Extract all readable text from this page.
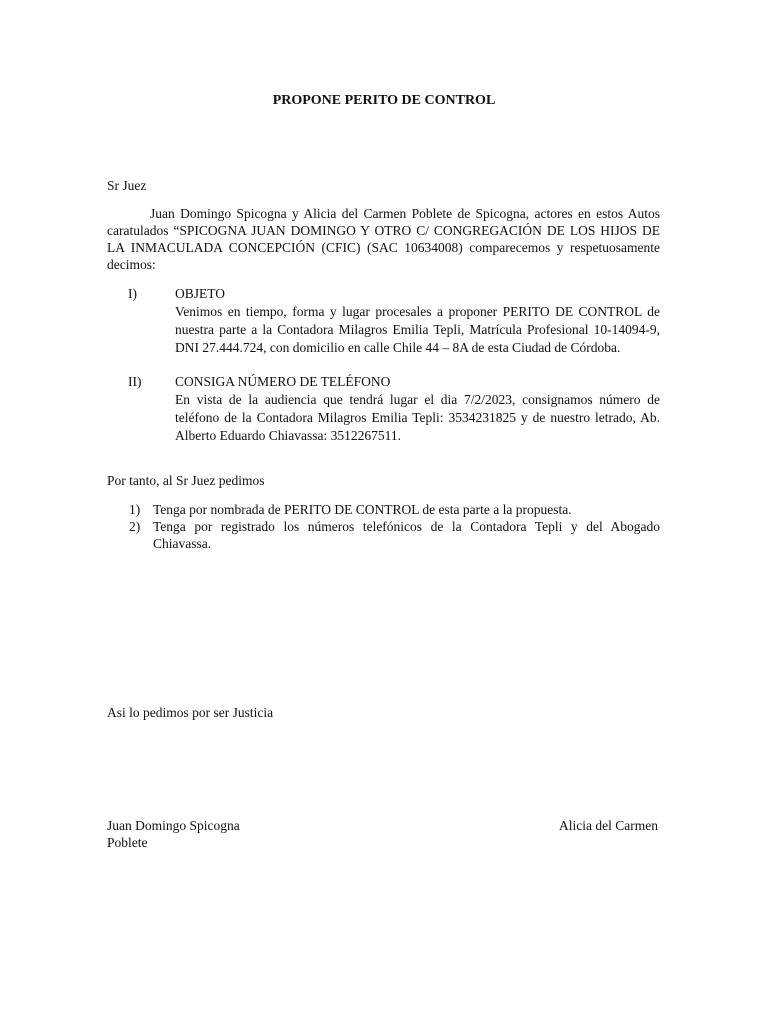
PROPONE PERITO DE CONTROL
Sr Juez
Juan Domingo Spicogna y Alicia del Carmen Poblete de Spicogna, actores en estos Autos
caratulados “SPICOGNA JUAN DOMINGO Y OTRO C/ CONGREGACIÓN DE LOS HIJOS DE
LA INMACULADA CONCEPCIÓN (CFIC) (SAC 10634008) comparecemos y respetuosamente
decimos:
I)	OBJETO
Venimos en tiempo, forma y lugar procesales a proponer PERITO DE CONTROL de
nuestra parte a la Contadora Milagros Emilia Tepli, Matrícula Profesional 10-14094-9,
DNI 27.444.724, con domicilio en calle Chile 44 – 8A de esta Ciudad de Córdoba.
II) CONSIGA NÚMERO DE TELÉFONO
En vista de la audiencia que tendrá lugar el dia 7/2/2023, consignamos número de
teléfono de la Contadora Milagros Emilia Tepli: 3534231825 y de nuestro letrado, Ab.
Alberto Eduardo Chiavassa: 3512267511.
Por tanto, al Sr Juez pedimos
1) Tenga por nombrada de PERITO DE CONTROL de esta parte a la propuesta.
2) Tenga por registrado los números telefónicos de la Contadora Tepli y del Abogado
Chiavassa.
Asi lo pedimos por ser Justicia
Juan Domingo Spicogna	Alicia del Carmen
Poblete
